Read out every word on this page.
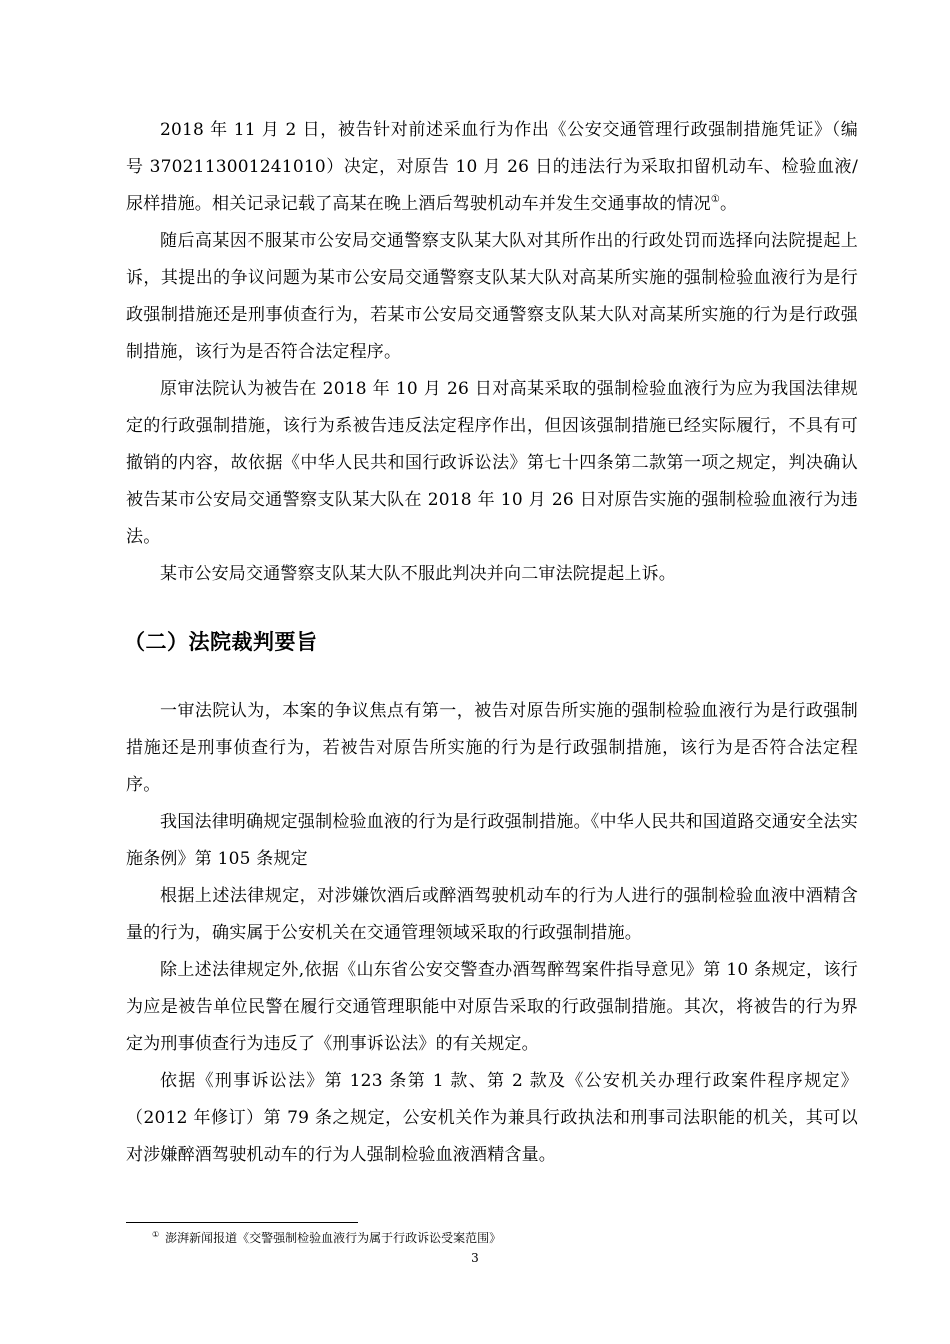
2018 年 11 月 2 日，被告针对前述采血行为作出《公安交通管理行政强制措施凭证》（编号 3702113001241010）决定，对原告 10 月 26 日的违法行为采取扣留机动车、检验血液/尿样措施。相关记录记载了高某在晚上酒后驾驶机动车并发生交通事故的情况①。

随后高某因不服某市公安局交通警察支队某大队对其所作出的行政处罚而选择向法院提起上诉，其提出的争议问题为某市公安局交通警察支队某大队对高某所实施的强制检验血液行为是行政强制措施还是刑事侦查行为，若某市公安局交通警察支队某大队对高某所实施的行为是行政强制措施，该行为是否符合法定程序。

原审法院认为被告在 2018 年 10 月 26 日对高某采取的强制检验血液行为应为我国法律规定的行政强制措施，该行为系被告违反法定程序作出，但因该强制措施已经实际履行，不具有可撤销的内容，故依据《中华人民共和国行政诉讼法》第七十四条第二款第一项之规定，判决确认被告某市公安局交通警察支队某大队在 2018 年 10 月 26 日对原告实施的强制检验血液行为违法。

某市公安局交通警察支队某大队不服此判决并向二审法院提起上诉。

（二）法院裁判要旨

一审法院认为，本案的争议焦点有第一，被告对原告所实施的强制检验血液行为是行政强制措施还是刑事侦查行为，若被告对原告所实施的行为是行政强制措施，该行为是否符合法定程序。

我国法律明确规定强制检验血液的行为是行政强制措施。《中华人民共和国道路交通安全法实施条例》第 105 条规定

根据上述法律规定，对涉嫌饮酒后或醉酒驾驶机动车的行为人进行的强制检验血液中酒精含量的行为，确实属于公安机关在交通管理领域采取的行政强制措施。

除上述法律规定外,依据《山东省公安交警查办酒驾醉驾案件指导意见》第 10 条规定，该行为应是被告单位民警在履行交通管理职能中对原告采取的行政强制措施。其次，将被告的行为界定为刑事侦查行为违反了《刑事诉讼法》的有关规定。

依据《刑事诉讼法》第 123 条第 1 款、第 2 款及《公安机关办理行政案件程序规定》（2012 年修订）第 79 条之规定，公安机关作为兼具行政执法和刑事司法职能的机关，其可以对涉嫌醉酒驾驶机动车的行为人强制检验血液酒精含量。

① 澎湃新闻报道《交警强制检验血液行为属于行政诉讼受案范围》
3
